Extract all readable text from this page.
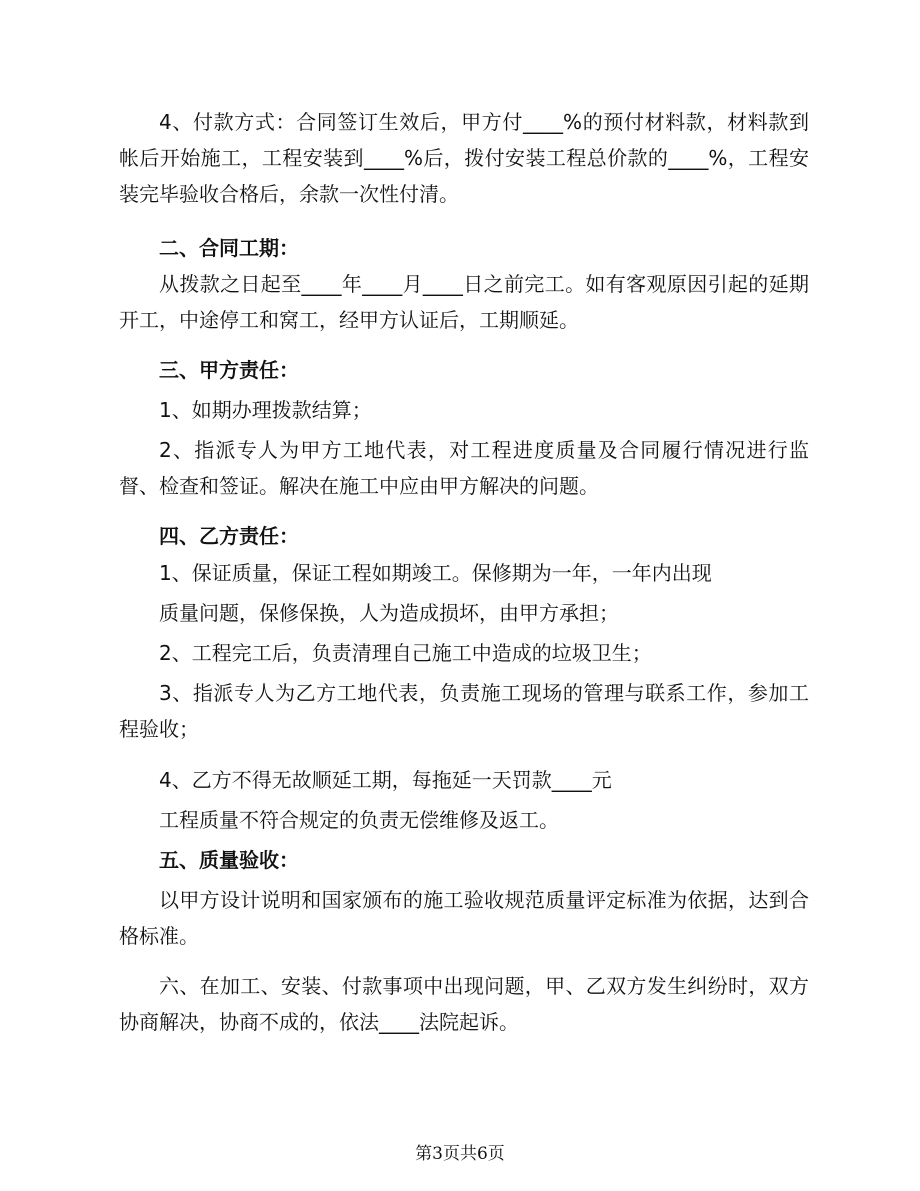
4、付款方式：合同签订生效后，甲方付____%的预付材料款，材料款到帐后开始施工，工程安装到____%后，拨付安装工程总价款的____%，工程安装完毕验收合格后，余款一次性付清。

二、合同工期：

从拨款之日起至____年____月____日之前完工。如有客观原因引起的延期开工，中途停工和窝工，经甲方认证后，工期顺延。

三、甲方责任：

1、如期办理拨款结算；

2、指派专人为甲方工地代表，对工程进度质量及合同履行情况进行监督、检查和签证。解决在施工中应由甲方解决的问题。

四、乙方责任：

1、保证质量，保证工程如期竣工。保修期为一年，一年内出现

质量问题，保修保换，人为造成损坏，由甲方承担；

2、工程完工后，负责清理自己施工中造成的垃圾卫生；

3、指派专人为乙方工地代表，负责施工现场的管理与联系工作，参加工程验收；

4、乙方不得无故顺延工期，每拖延一天罚款____元

工程质量不符合规定的负责无偿维修及返工。

五、质量验收：

以甲方设计说明和国家颁布的施工验收规范质量评定标准为依据，达到合格标准。

六、在加工、安装、付款事项中出现问题，甲、乙双方发生纠纷时，双方协商解决，协商不成的，依法____法院起诉。

第3页共6页
